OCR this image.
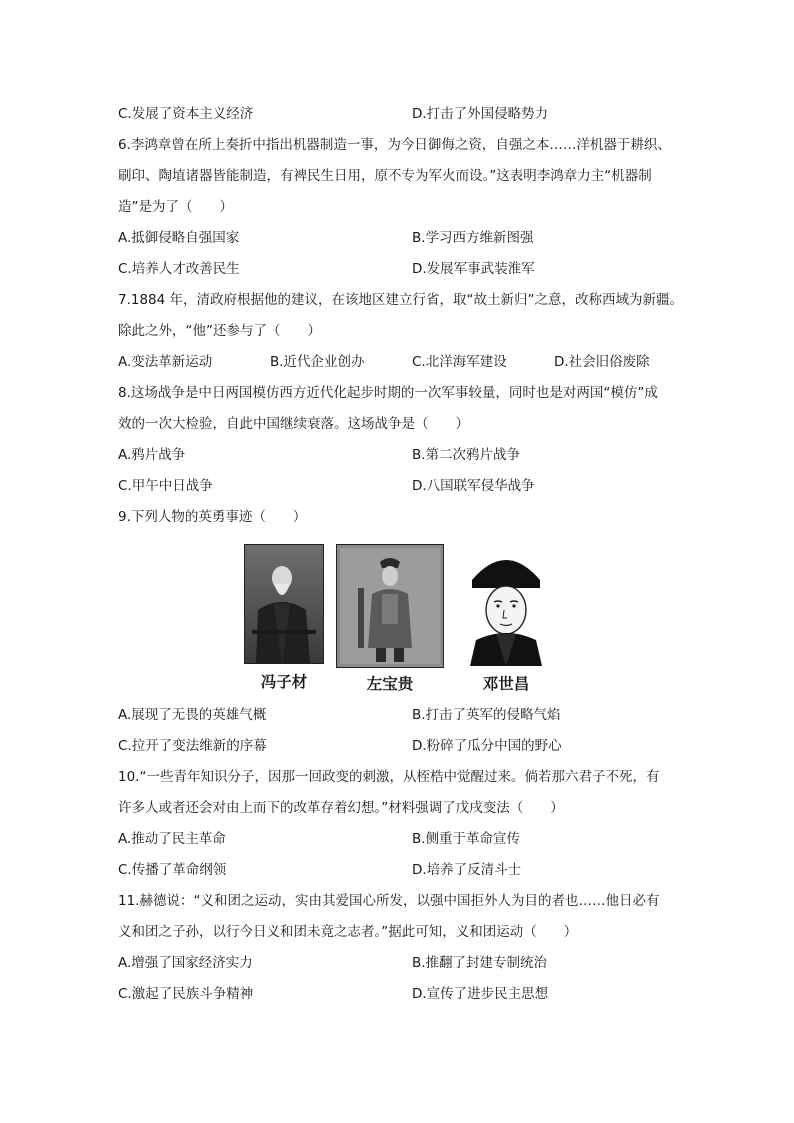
C.发展了资本主义经济	D.打击了外国侵略势力
6.李鸿章曾在所上奏折中指出机器制造一事，为今日御侮之资，自强之本……洋机器于耕织、
刷印、陶埴诸器皆能制造，有裨民生日用，原不专为军火而设。”这表明李鸿章力主“机器制
造”是为了（　　）
A.抵御侵略自强国家	B.学习西方维新图强
C.培养人才改善民生	D.发展军事武装淮军
7.1884 年，清政府根据他的建议，在该地区建立行省，取“故土新归”之意，改称西域为新疆。
除此之外，“他”还参与了（　　）
A.变法革新运动	B.近代企业创办	C.北洋海军建设	D.社会旧俗废除
8.这场战争是中日两国模仿西方近代化起步时期的一次军事较量，同时也是对两国“模仿”成
效的一次大检验，自此中国继续衰落。这场战争是（　　）
A.鸦片战争	B.第二次鸦片战争
C.甲午中日战争	D.八国联军侵华战争
9.下列人物的英勇事迹（　　）
冯子材	左宝贵	邓世昌
A.展现了无畏的英雄气概	B.打击了英军的侵略气焰
C.拉开了变法维新的序幕	D.粉碎了瓜分中国的野心
10.“一些青年知识分子，因那一回政变的刺激，从桎梏中觉醒过来。倘若那六君子不死，有
许多人或者还会对由上而下的改革存着幻想。”材料强调了戊戌变法（　　）
A.推动了民主革命	B.侧重于革命宣传
C.传播了革命纲领	D.培养了反清斗士
11.赫德说：“义和团之运动，实由其爱国心所发，以强中国拒外人为目的者也……他日必有
义和团之子孙，以行今日义和团未竟之志者。”据此可知，义和团运动（　　）
A.增强了国家经济实力	B.推翻了封建专制统治
C.激起了民族斗争精神	D.宣传了进步民主思想
